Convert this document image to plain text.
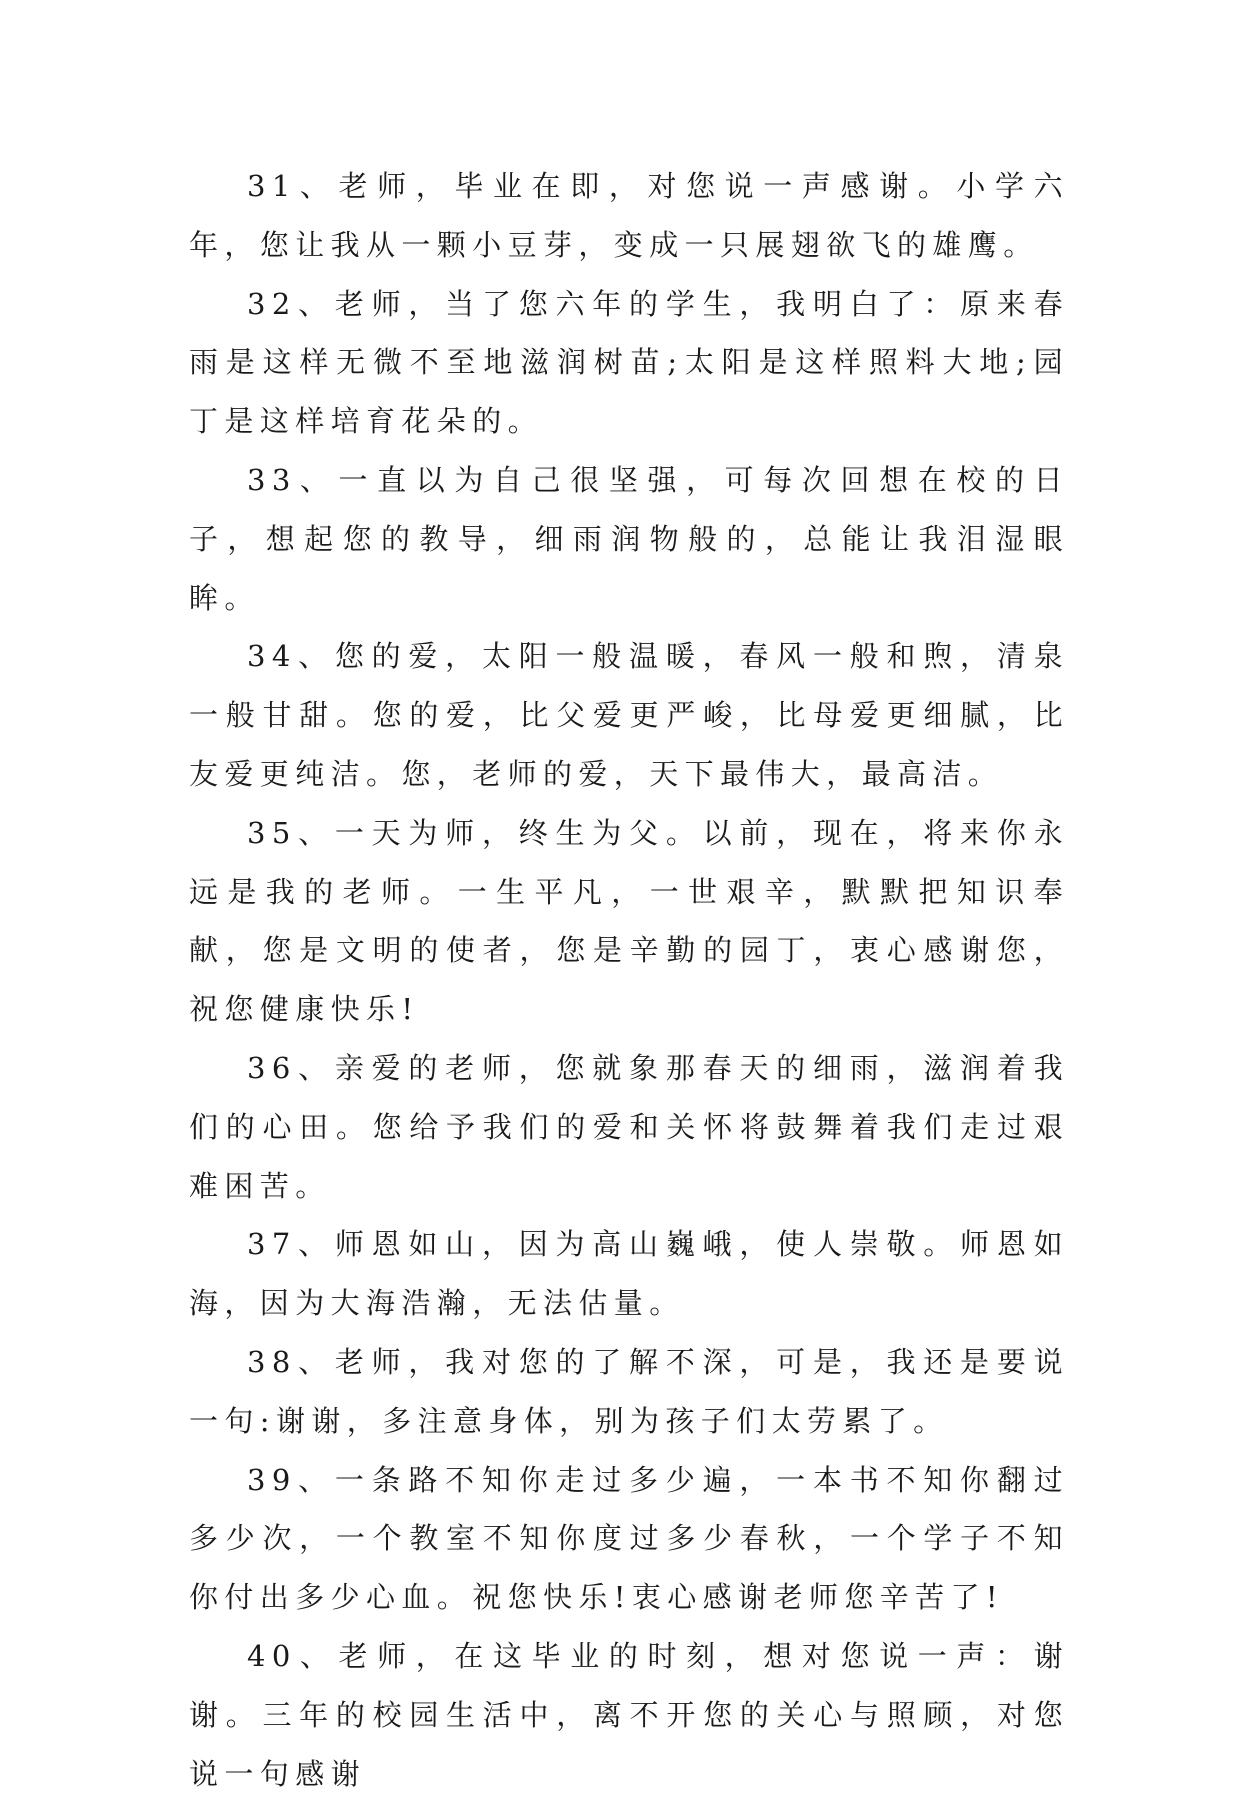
31、老师，毕业在即，对您说一声感谢。小学六年，您让我从一颗小豆芽，变成一只展翅欲飞的雄鹰。

32、老师，当了您六年的学生，我明白了：原来春雨是这样无微不至地滋润树苗;太阳是这样照料大地;园丁是这样培育花朵的。

33、一直以为自己很坚强，可每次回想在校的日子，想起您的教导，细雨润物般的，总能让我泪湿眼眸。

34、您的爱，太阳一般温暖，春风一般和煦，清泉一般甘甜。您的爱，比父爱更严峻，比母爱更细腻，比友爱更纯洁。您，老师的爱，天下最伟大，最高洁。

35、一天为师，终生为父。以前，现在，将来你永远是我的老师。一生平凡，一世艰辛，默默把知识奉献，您是文明的使者，您是辛勤的园丁，衷心感谢您，祝您健康快乐!

36、亲爱的老师，您就象那春天的细雨，滋润着我们的心田。您给予我们的爱和关怀将鼓舞着我们走过艰难困苦。

37、师恩如山，因为高山巍峨，使人崇敬。师恩如海，因为大海浩瀚，无法估量。

38、老师，我对您的了解不深，可是，我还是要说一句:谢谢，多注意身体，别为孩子们太劳累了。

39、一条路不知你走过多少遍，一本书不知你翻过多少次，一个教室不知你度过多少春秋，一个学子不知你付出多少心血。祝您快乐!衷心感谢老师您辛苦了!

40、老师，在这毕业的时刻，想对您说一声：谢谢。三年的校园生活中，离不开您的关心与照顾，对您说一句感谢
